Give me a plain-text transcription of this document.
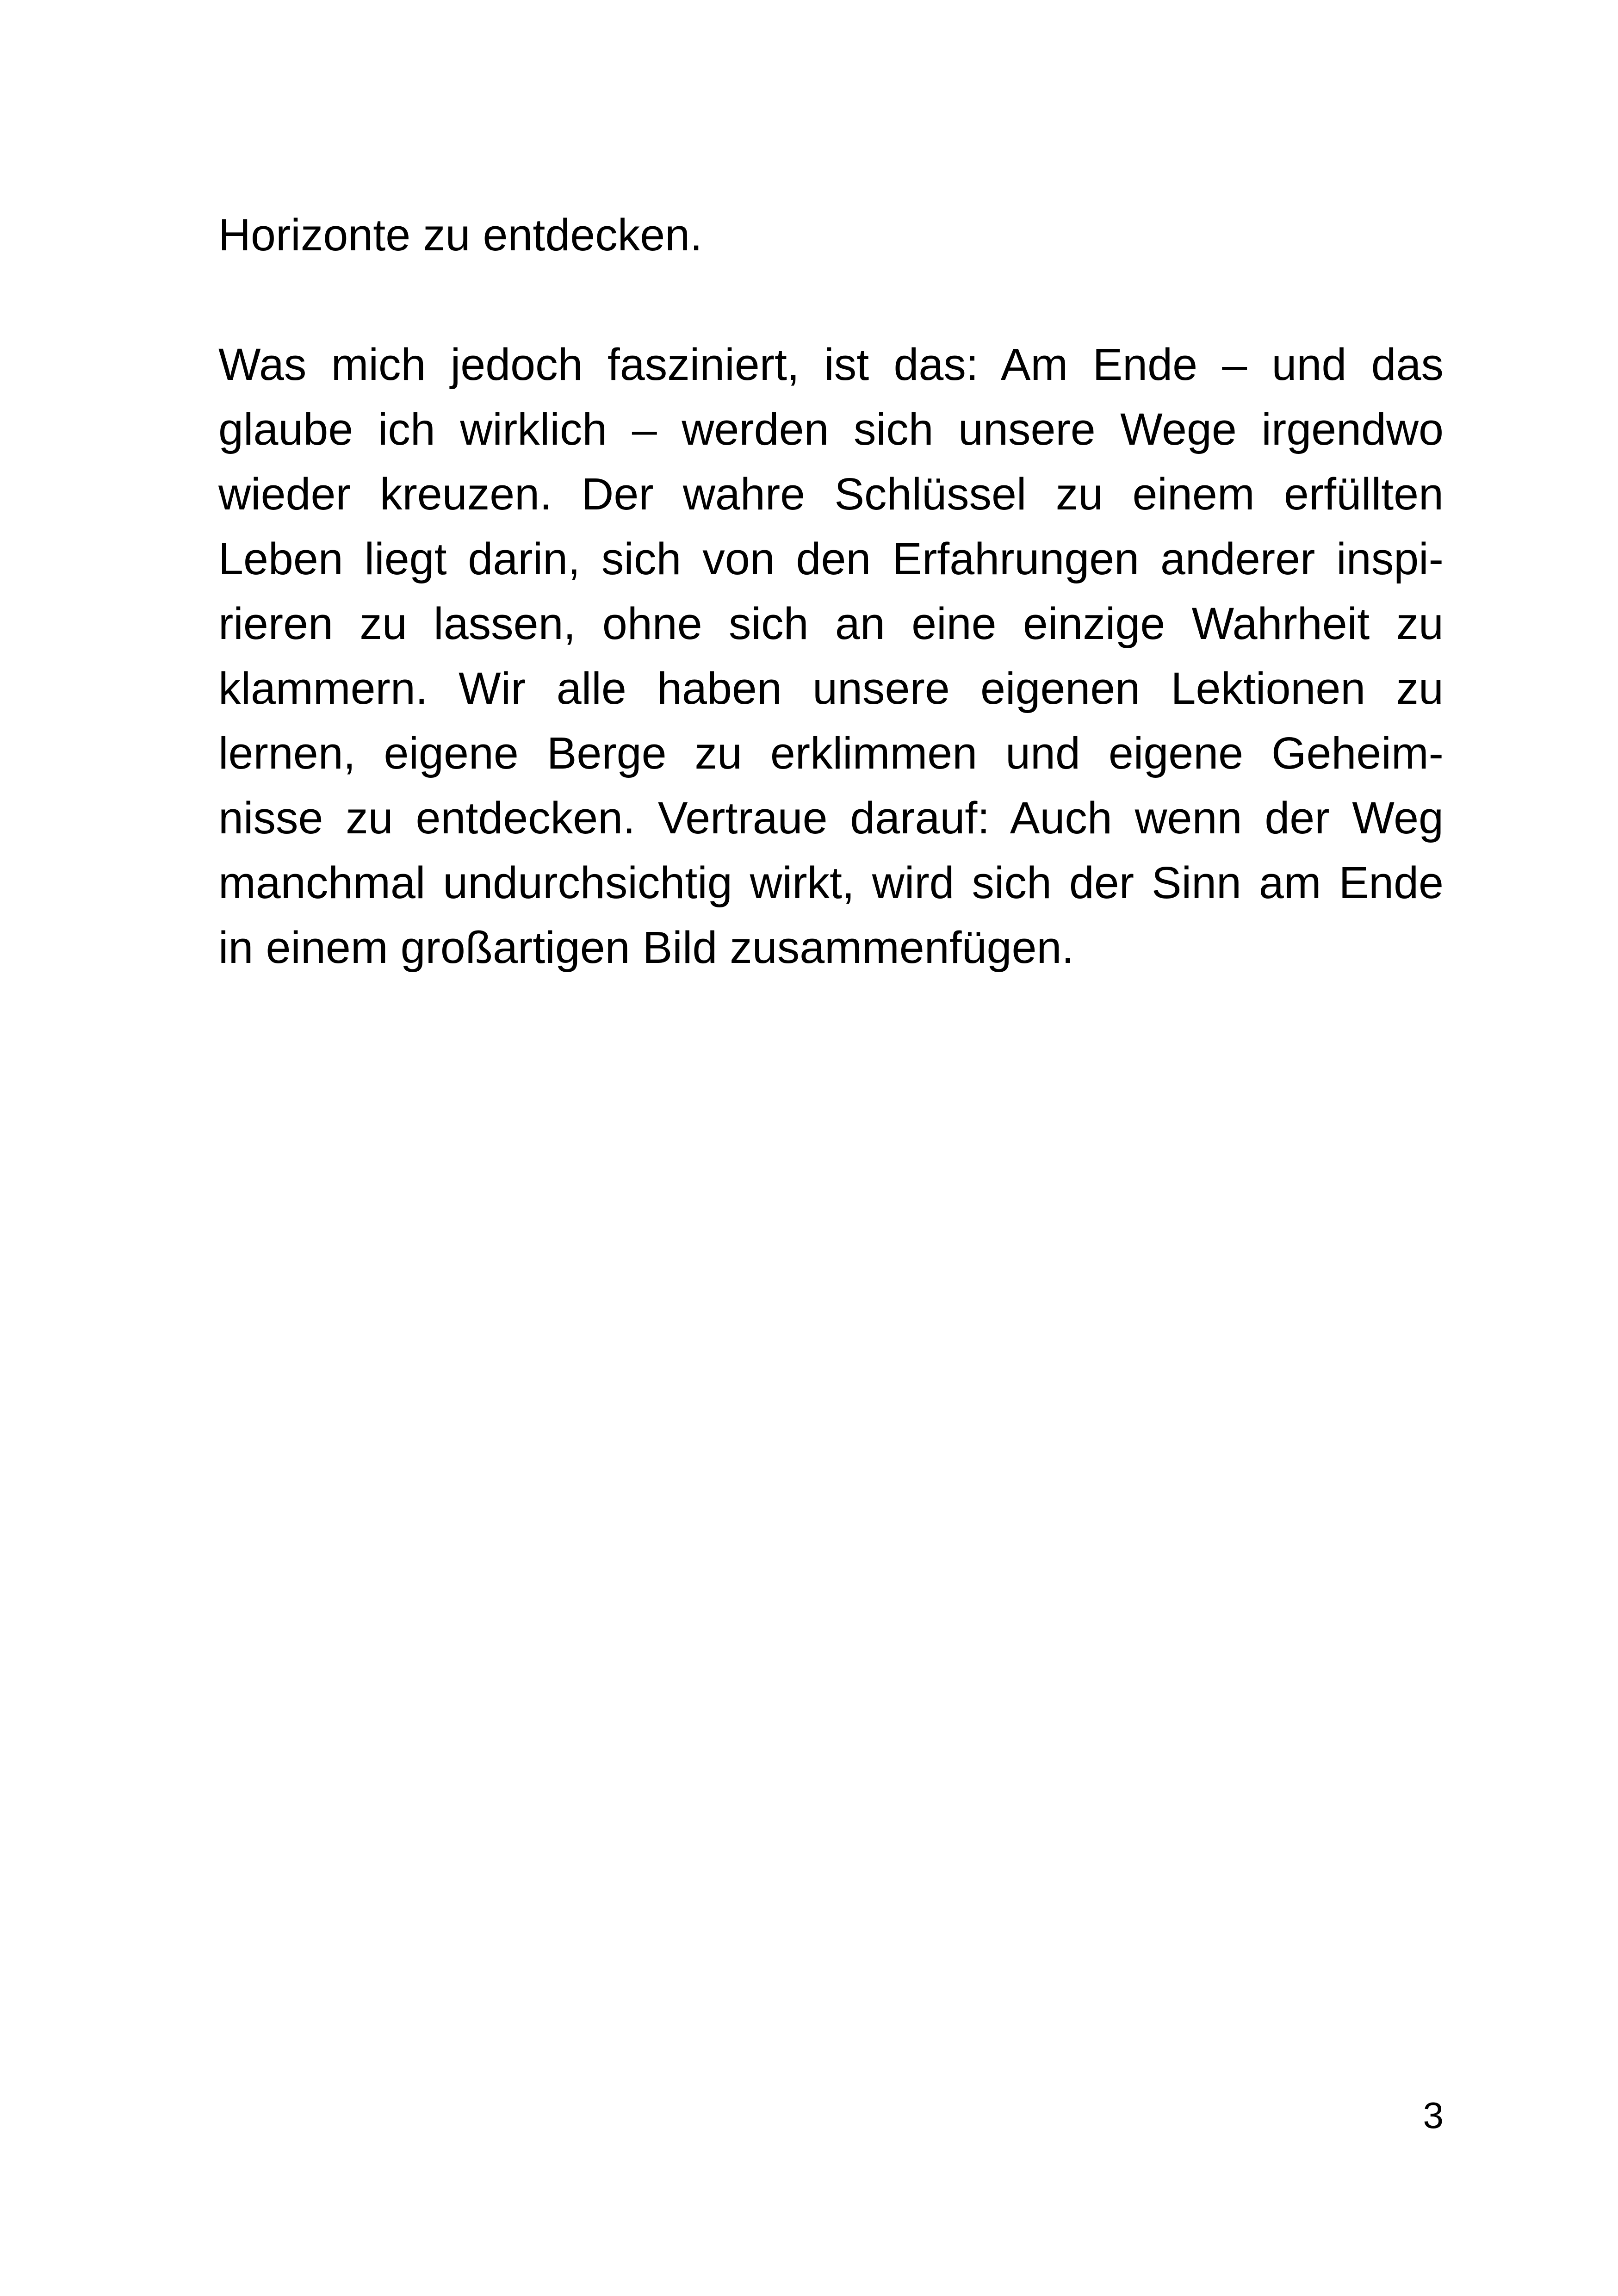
Horizonte zu entdecken.
Was mich jedoch fasziniert, ist das: Am Ende – und das
glaube ich wirklich – werden sich unsere Wege irgendwo
wieder kreuzen. Der wahre Schlüssel zu einem erfüllten
Leben liegt darin, sich von den Erfahrungen anderer inspi-
rieren zu lassen, ohne sich an eine einzige Wahrheit zu
klammern. Wir alle haben unsere eigenen Lektionen zu
lernen, eigene Berge zu erklimmen und eigene Geheim-
nisse zu entdecken. Vertraue darauf: Auch wenn der Weg
manchmal undurchsichtig wirkt, wird sich der Sinn am Ende
in einem großartigen Bild zusammenfügen.
3
